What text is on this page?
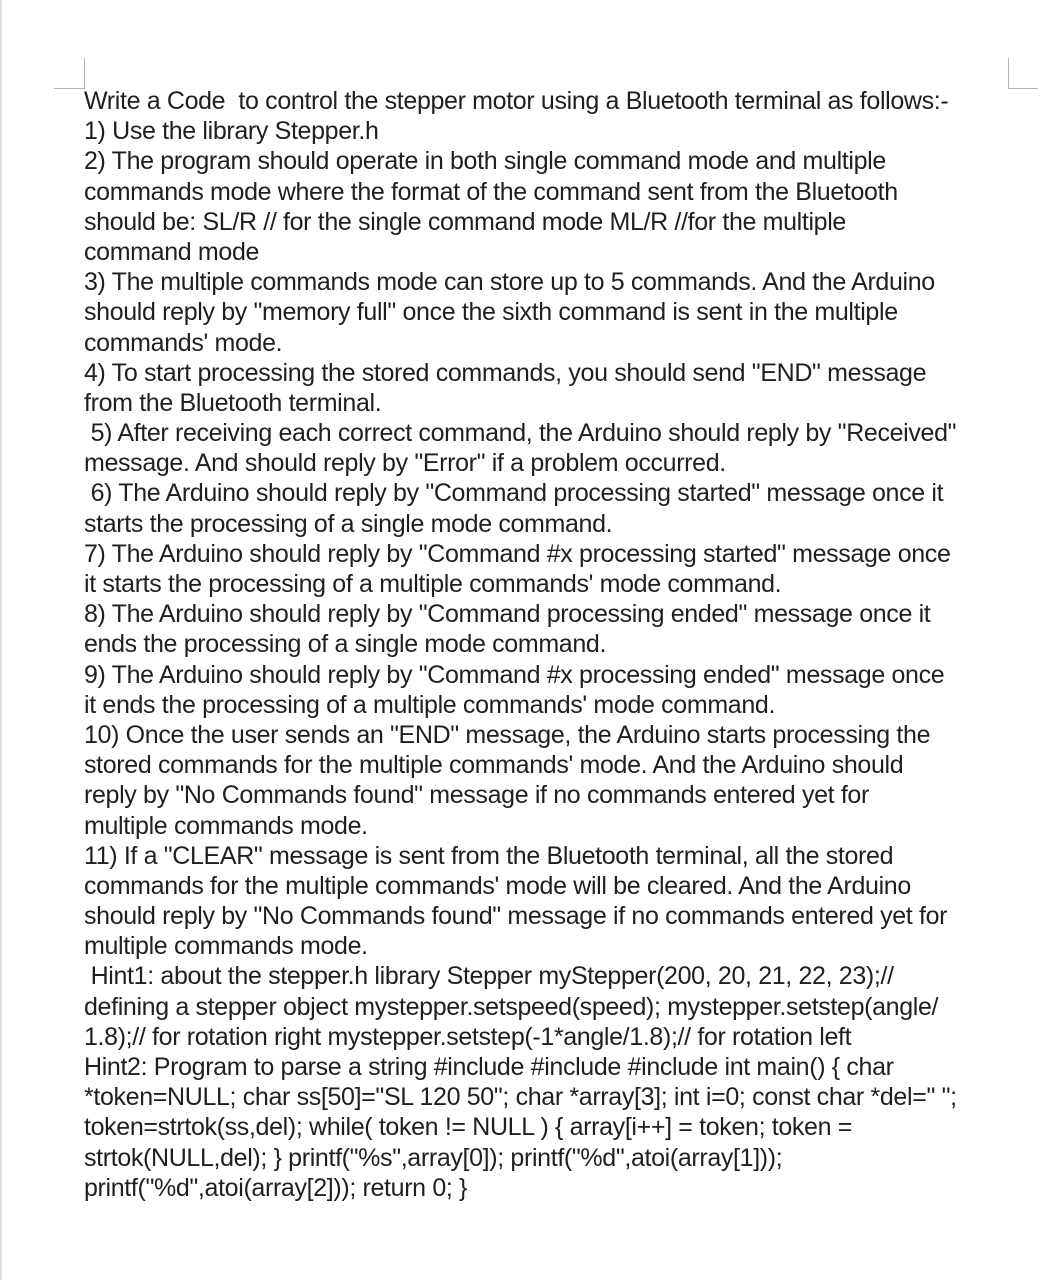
Write a Code  to control the stepper motor using a Bluetooth terminal as follows:-
1) Use the library Stepper.h
2) The program should operate in both single command mode and multiple
commands mode where the format of the command sent from the Bluetooth
should be: SL/R // for the single command mode ML/R //for the multiple
command mode
3) The multiple commands mode can store up to 5 commands. And the Arduino
should reply by "memory full" once the sixth command is sent in the multiple
commands' mode.
4) To start processing the stored commands, you should send "END" message
from the Bluetooth terminal.
5) After receiving each correct command, the Arduino should reply by "Received"
message. And should reply by "Error" if a problem occurred.
6) The Arduino should reply by "Command processing started" message once it
starts the processing of a single mode command.
7) The Arduino should reply by "Command #x processing started" message once
it starts the processing of a multiple commands' mode command.
8) The Arduino should reply by "Command processing ended" message once it
ends the processing of a single mode command.
9) The Arduino should reply by "Command #x processing ended" message once
it ends the processing of a multiple commands' mode command.
10) Once the user sends an "END" message, the Arduino starts processing the
stored commands for the multiple commands' mode. And the Arduino should
reply by "No Commands found" message if no commands entered yet for
multiple commands mode.
11) If a "CLEAR" message is sent from the Bluetooth terminal, all the stored
commands for the multiple commands' mode will be cleared. And the Arduino
should reply by "No Commands found" message if no commands entered yet for
multiple commands mode.
Hint1: about the stepper.h library Stepper myStepper(200, 20, 21, 22, 23);//
defining a stepper object mystepper.setspeed(speed); mystepper.setstep(angle/
1.8);// for rotation right mystepper.setstep(-1*angle/1.8);// for rotation left
Hint2: Program to parse a string #include #include #include int main() { char
*token=NULL; char ss[50]="SL 120 50"; char *array[3]; int i=0; const char *del=" ";
token=strtok(ss,del); while( token != NULL ) { array[i++] = token; token =
strtok(NULL,del); } printf("%s",array[0]); printf("%d",atoi(array[1]));
printf("%d",atoi(array[2])); return 0; }
